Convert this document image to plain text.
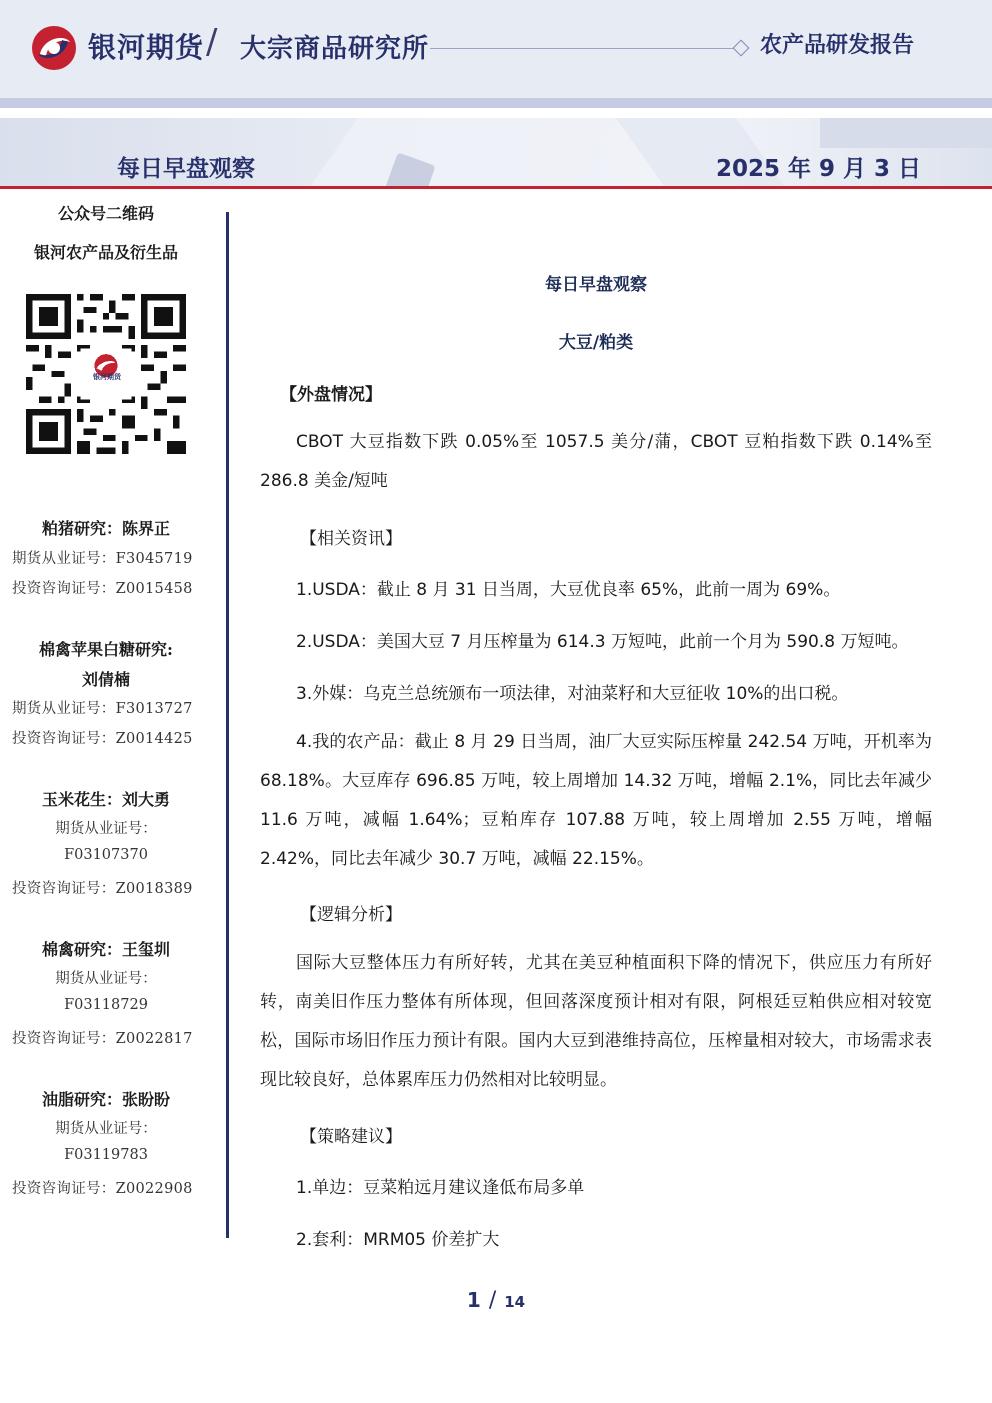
银河期货 / 大宗商品研究所	农产品研发报告
每日早盘观察	2025 年 9 月 3 日
公众号二维码
银河农产品及衍生品
银河期货
粕猪研究：陈界正
期货从业证号：F3045719
投资咨询证号：Z0015458
棉禽苹果白糖研究:
刘倩楠
期货从业证号：F3013727
投资咨询证号：Z0014425
玉米花生：刘大勇
期货从业证号：
F03107370
投资咨询证号：Z0018389
棉禽研究：王玺圳
期货从业证号：
F03118729
投资咨询证号：Z0022817
油脂研究：张盼盼
期货从业证号：
F03119783
投资咨询证号：Z0022908
每日早盘观察
大豆/粕类
【外盘情况】
CBOT 大豆指数下跌 0.05%至 1057.5 美分/蒲，CBOT 豆粕指数下跌 0.14%至 286.8 美金/短吨
【相关资讯】
1.USDA：截止 8 月 31 日当周，大豆优良率 65%，此前一周为 69%。
2.USDA：美国大豆 7 月压榨量为 614.3 万短吨，此前一个月为 590.8 万短吨。
3.外媒：乌克兰总统颁布一项法律，对油菜籽和大豆征收 10%的出口税。
4.我的农产品：截止 8 月 29 日当周，油厂大豆实际压榨量 242.54 万吨，开机率为 68.18%。大豆库存 696.85 万吨，较上周增加 14.32 万吨，增幅 2.1%，同比去年减少 11.6 万吨，减幅 1.64%；豆粕库存 107.88 万吨，较上周增加 2.55 万吨，增幅 2.42%，同比去年减少 30.7 万吨，减幅 22.15%。
【逻辑分析】
国际大豆整体压力有所好转，尤其在美豆种植面积下降的情况下，供应压力有所好转，南美旧作压力整体有所体现，但回落深度预计相对有限，阿根廷豆粕供应相对较宽松，国际市场旧作压力预计有限。国内大豆到港维持高位，压榨量相对较大，市场需求表现比较良好，总体累库压力仍然相对比较明显。
【策略建议】
1.单边：豆菜粕远月建议逢低布局多单
2.套利：MRM05 价差扩大
1 / 14
